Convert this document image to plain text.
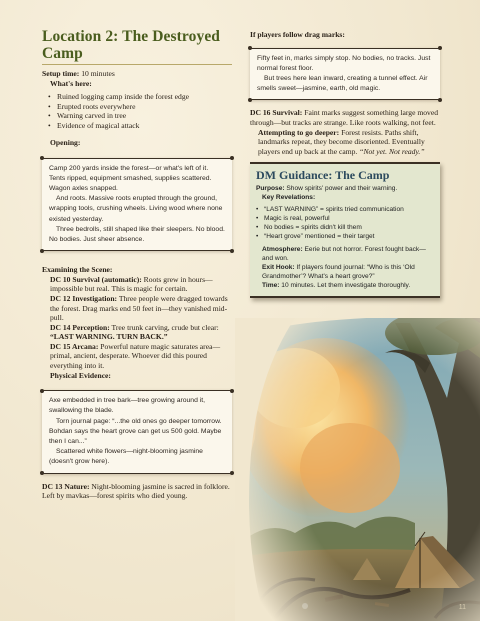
Location 2: The Destroyed Camp

Setup time: 10 minutes

What's here:

• Ruined logging camp inside the forest edge
• Erupted roots everywhere
• Warning carved in tree
• Evidence of magical attack

Opening:

Camp 200 yards inside the forest—or what's left of it. Tents ripped, equipment smashed, supplies scattered. Wagon axles snapped.

And roots. Massive roots erupted through the ground, wrapping tools, crushing wheels. Living wood where none existed yesterday.

Three bedrolls, still shaped like their sleepers. No blood. No bodies. Just sheer absence.

Examining the Scene:

DC 10 Survival (automatic): Roots grew in hours—impossible but real. This is magic for certain.

DC 12 Investigation: Three people were dragged towards the forest. Drag marks end 50 feet in—they vanished mid-pull.

DC 14 Perception: Tree trunk carving, crude but clear: “LAST WARNING. TURN BACK.”

DC 15 Arcana: Powerful nature magic saturates area—primal, ancient, desperate. Whoever did this poured everything into it.

Physical Evidence:

Axe embedded in tree bark—tree growing around it, swallowing the blade.

Torn journal page: “...the old ones go deeper tomorrow. Bohdan says the heart grove can get us 500 gold. Maybe then I can...”

Scattered white flowers—night-blooming jasmine (doesn't grow here).

DC 13 Nature: Night-blooming jasmine is sacred in folklore. Left by mavkas—forest spirits who died young.

If players follow drag marks:

Fifty feet in, marks simply stop. No bodies, no tracks. Just normal forest floor.

But trees here lean inward, creating a tunnel effect. Air smells sweet—jasmine, earth, old magic.

DC 16 Survival: Faint marks suggest something large moved through—but tracks are strange. Like roots walking, not feet.

Attempting to go deeper: Forest resists. Paths shift, landmarks repeat, they become disoriented. Eventually players end up back at the camp. “Not yet. Not ready.”

DM Guidance: The Camp

Purpose: Show spirits' power and their warning.

Key Revelations:

• “LAST WARNING” = spirits tried communication
• Magic is real, powerful
• No bodies = spirits didn't kill them
• “Heart grove” mentioned = their target

Atmosphere: Eerie but not horror. Forest fought back—and won.

Exit Hook: If players found journal: “Who is this ‘Old Grandmother’? What's a heart grove?”

Time: 10 minutes. Let them investigate thoroughly.

11
